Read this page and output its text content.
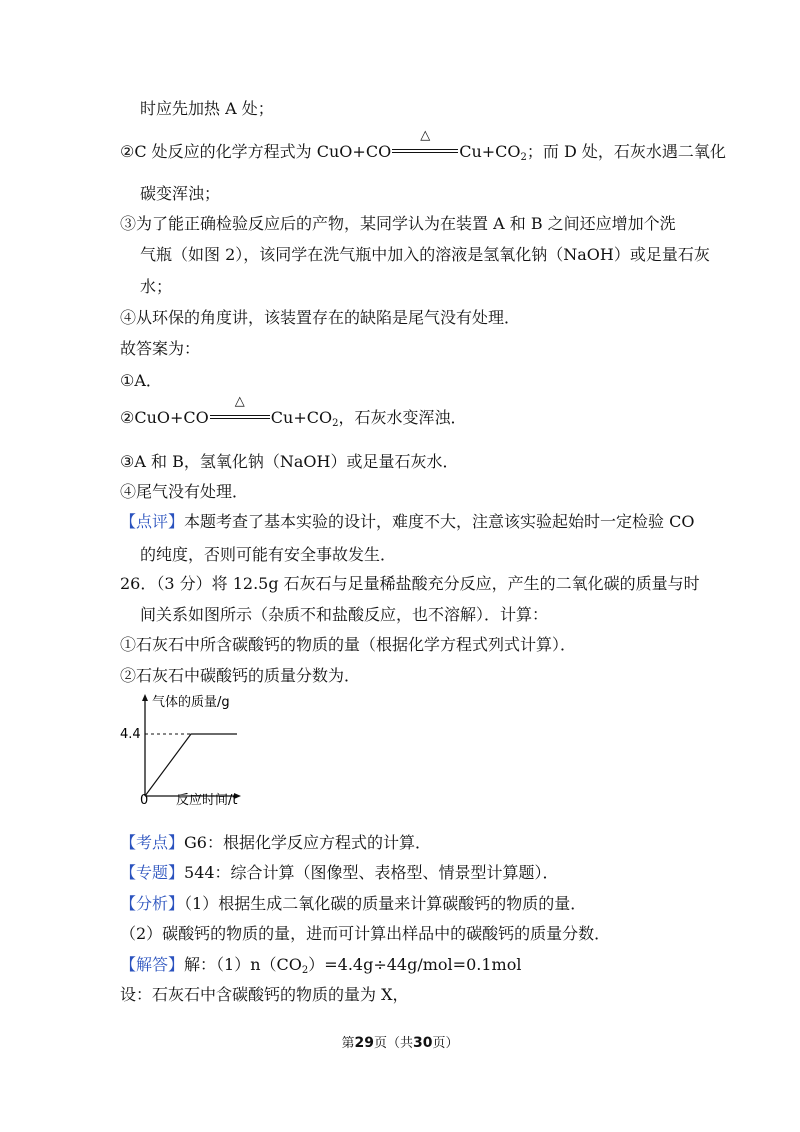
时应先加热 A 处；
②C 处反应的化学方程式为 CuO+CO
△
$Cu+CO_2$；而 D 处，石灰水遇二氧化
碳变浑浊；
③为了能正确检验反应后的产物，某同学认为在装置 A 和 B 之间还应增加个洗
气瓶（如图 2），该同学在洗气瓶中加入的溶液是氢氧化钠（NaOH）或足量石灰
水；
④从环保的角度讲，该装置存在的缺陷是尾气没有处理．
故答案为：
①A．
②CuO+CO
△
$Cu+CO_2$，石灰水变浑浊．
③A 和 B，氢氧化钠（NaOH）或足量石灰水．
④尾气没有处理．
【点评】本题考查了基本实验的设计，难度不大，注意该实验起始时一定检验 CO
的纯度，否则可能有安全事故发生．
26．（3 分）将 12.5g 石灰石与足量稀盐酸充分反应，产生的二氧化碳的质量与时
间关系如图所示（杂质不和盐酸反应，也不溶解）．计算：
①石灰石中所含碳酸钙的物质的量（根据化学方程式列式计算）．
②石灰石中碳酸钙的质量分数为．
气体的质量/g
4.4
0 反应时间/t
【考点】G6：根据化学反应方程式的计算．
【专题】544：综合计算（图像型、表格型、情景型计算题）．
【分析】（1）根据生成二氧化碳的质量来计算碳酸钙的物质的量．
（2）碳酸钙的物质的量，进而可计算出样品中的碳酸钙的质量分数．
【解答】解：$(1)n(CO_2)=4.4g\div 44g/mol=0.1mol$
设：石灰石中含碳酸钙的物质的量为 X，
第29页（共30页）
